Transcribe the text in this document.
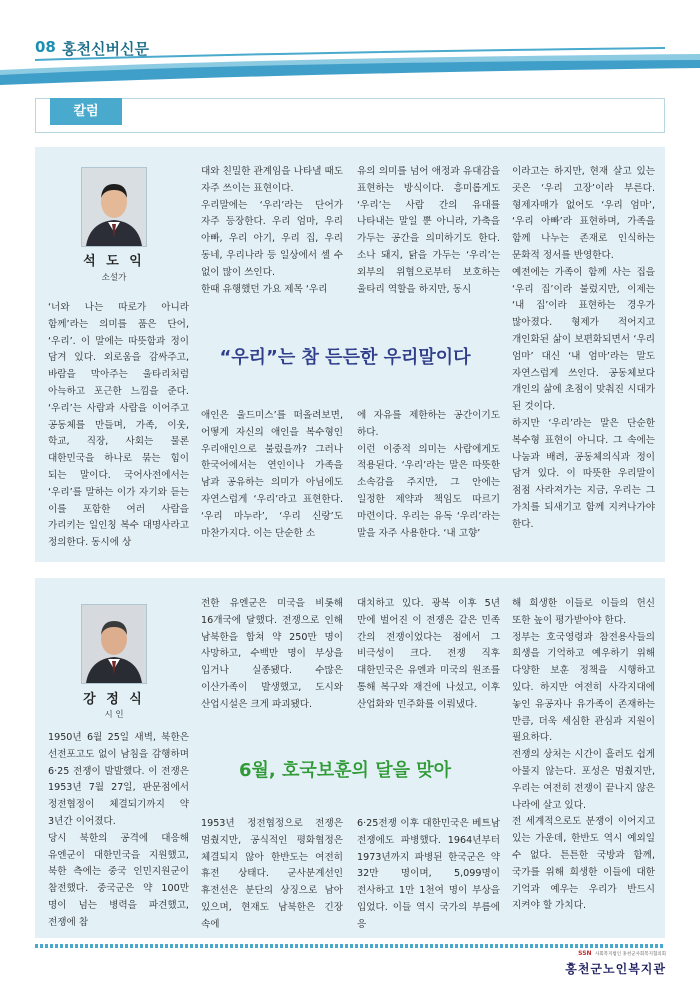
08 홍천신버신문
칼럼
석 도 익
소설가
‘너와 나는 따로가 아니라 함께’라는 의미를 품은 단어, ‘우리’. 이 말에는 따뜻함과 정이 담겨 있다. 외로움을 감싸주고, 바람을 막아주는 울타리처럼 아늑하고 포근한 느낌을 준다. ‘우리’는 사람과 사람을 이어주고 공동체를 만들며, 가족, 이웃, 학교, 직장, 사회는 물론 대한민국을 하나로 묶는 힘이 되는 말이다. 국어사전에서는 ‘우리’를 말하는 이가 자기와 듣는 이를 포함한 여러 사람을 가리키는 일인칭 복수 대명사라고 정의한다. 동시에 상
대와 친밀한 관계임을 나타낼 때도 자주 쓰이는 표현이다.
우리말에는 ‘우리’라는 단어가 자주 등장한다. 우리 엄마, 우리 아빠, 우리 아기, 우리 집, 우리 동네, 우리나라 등 일상에서 셀 수 없이 많이 쓰인다.
한때 유행했던 가요 제목 ‘우리
유의 의미를 넘어 애정과 유대감을 표현하는 방식이다. 흥미롭게도 ‘우리’는 사람 간의 유대를 나타내는 말일 뿐 아니라, 가축을 가두는 공간을 의미하기도 한다. 소나 돼지, 닭을 가두는 ‘우리’는 외부의 위협으로부터 보호하는 울타리 역할을 하지만, 동시
“우리”는 참 든든한 우리말이다
애인은 울드미스’를 떠올려보면, 어떻게 자신의 애인을 복수형인 우리애인으로 불렀을까? 그러나 한국어에서는 연인이나 가족을 남과 공유하는 의미가 아님에도 자연스럽게 ‘우리’라고 표현한다. ‘우리 마누라’, ‘우리 신랑’도 마찬가지다. 이는 단순한 소
에 자유를 제한하는 공간이기도 하다.
이런 이중적 의미는 사람에게도 적용된다. ‘우리’라는 말은 따뜻한 소속감을 주지만, 그 안에는 일정한 제약과 책임도 따르기 마련이다. 우리는 유독 ‘우리’라는 말을 자주 사용한다. ‘내 고향’
이라고는 하지만, 현재 살고 있는 곳은 ‘우리 고장’이라 부른다. 형제자매가 없어도 ‘우리 엄마’, ‘우리 아빠’라 표현하며, 가족을 함께 나누는 존재로 인식하는 문화적 정서를 반영한다.
예전에는 가족이 함께 사는 집을 ‘우리 집’이라 불렀지만, 이제는 ‘내 집’이라 표현하는 경우가 많아졌다. 형제가 적어지고 개인화된 삶이 보편화되면서 ‘우리 엄마’ 대신 ‘내 엄마’라는 말도 자연스럽게 쓰인다. 공동체보다 개인의 삶에 초점이 맞춰진 시대가 된 것이다.
하지만 ‘우리’라는 말은 단순한 복수형 표현이 아니다. 그 속에는 나눔과 배려, 공동체의식과 정이 담겨 있다. 이 따뜻한 우리말이 점점 사라져가는 지금, 우리는 그 가치를 되새기고 함께 지켜나가야 한다.
강 정 식
시 인
1950년 6월 25일 새벽, 북한은 선전포고도 없이 남침을 감행하며 6·25 전쟁이 발발했다. 이 전쟁은 1953년 7월 27일, 판문점에서 정전협정이 체결되기까지 약 3년간 이어졌다.
당시 북한의 공격에 대응해 유엔군이 대한민국을 지원했고, 북한 측에는 중국 인민지원군이 참전했다. 중국군은 약 100만 명이 넘는 병력을 파견했고, 전쟁에 참
전한 유엔군은 미국을 비롯해 16개국에 달했다. 전쟁으로 인해 남북한을 합쳐 약 250만 명이 사망하고, 수백만 명이 부상을 입거나 실종됐다. 수많은 이산가족이 발생했고, 도시와 산업시설은 크게 파괴됐다.
대치하고 있다. 광복 이후 5년 만에 벌어진 이 전쟁은 같은 민족 간의 전쟁이었다는 점에서 그 비극성이 크다. 전쟁 직후 대한민국은 유엔과 미국의 원조를 통해 복구와 재건에 나섰고, 이후 산업화와 민주화를 이뤄냈다.
6월, 호국보훈의 달을 맞아
1953년 정전협정으로 전쟁은 멈췄지만, 공식적인 평화협정은 체결되지 않아 한반도는 여전히 휴전 상태다. 군사분계선인 휴전선은 분단의 상징으로 남아 있으며, 현재도 남북한은 긴장 속에
6·25전쟁 이후 대한민국은 베트남 전쟁에도 파병했다. 1964년부터 1973년까지 파병된 한국군은 약 32만 명이며, 5,099명이 전사하고 1만 1천여 명이 부상을 입었다. 이들 역시 국가의 부름에 응
해 희생한 이들로 이들의 헌신 또한 높이 평가받아야 한다.
정부는 호국영령과 참전용사들의 희생을 기억하고 예우하기 위해 다양한 보훈 정책을 시행하고 있다. 하지만 여전히 사각지대에 놓인 유공자나 유가족이 존재하는 만큼, 더욱 세심한 관심과 지원이 필요하다.
전쟁의 상처는 시간이 흘러도 쉽게 아물지 않는다. 포성은 멈췄지만, 우리는 여전히 전쟁이 끝나지 않은 나라에 살고 있다.
전 세계적으로도 분쟁이 이어지고 있는 가운데, 한반도 역시 예외일 수 없다. 튼튼한 국방과 함께, 국가를 위해 희생한 이들에 대한 기억과 예우는 우리가 반드시 지켜야 할 가치다.
SSN 사회복지법인 홍천군사회복지협의회
홍천군노인복지관
